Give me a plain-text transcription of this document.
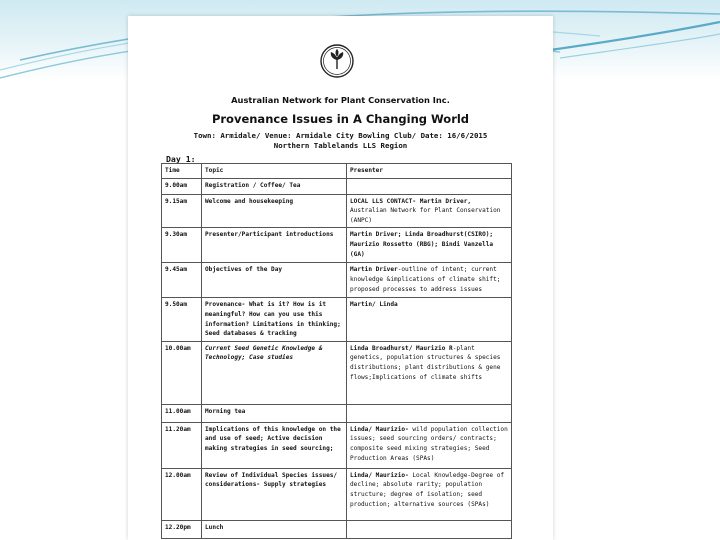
Australian Network for Plant Conservation Inc.
Provenance Issues in A Changing World
Town: Armidale/ Venue: Armidale City Bowling Club/ Date: 16/6/2015
Northern Tablelands LLS Region
Day 1:
Time	Topic	Presenter
9.00am	Registration / Coffee/ Tea	
9.15am	Welcome and housekeeping	LOCAL LLS CONTACT- Martin Driver, Australian Network for Plant Conservation (ANPC)
9.30am	Presenter/Participant introductions	Martin Driver; Linda Broadhurst(CSIRO); Maurizio Rossetto (RBG); Bindi Vanzella (GA)
9.45am	Objectives of the Day	Martin Driver-outline of intent; current knowledge &implications of climate shift; proposed processes to address issues
9.50am	Provenance- What is it? How is it meaningful? How can you use this information? Limitations in thinking; Seed databases & tracking	Martin/ Linda
10.00am	Current Seed Genetic Knowledge & Technology; Case studies	Linda Broadhurst/ Maurizio R-plant genetics, population structures & species distributions; plant distributions & gene flows;Implications of climate shifts
11.00am	Morning tea	
11.20am	Implications of this knowledge on the and use of seed; Active decision making strategies in seed sourcing;	Linda/ Maurizio- wild population collection issues; seed sourcing orders/ contracts; composite seed mixing strategies; Seed Production Areas (SPAs)
12.00am	Review of Individual Species issues/ considerations- Supply strategies	Linda/ Maurizio- Local Knowledge-Degree of decline; absolute rarity; population structure; degree of isolation; seed production; alternative sources (SPAs)
12.20pm	Lunch	
